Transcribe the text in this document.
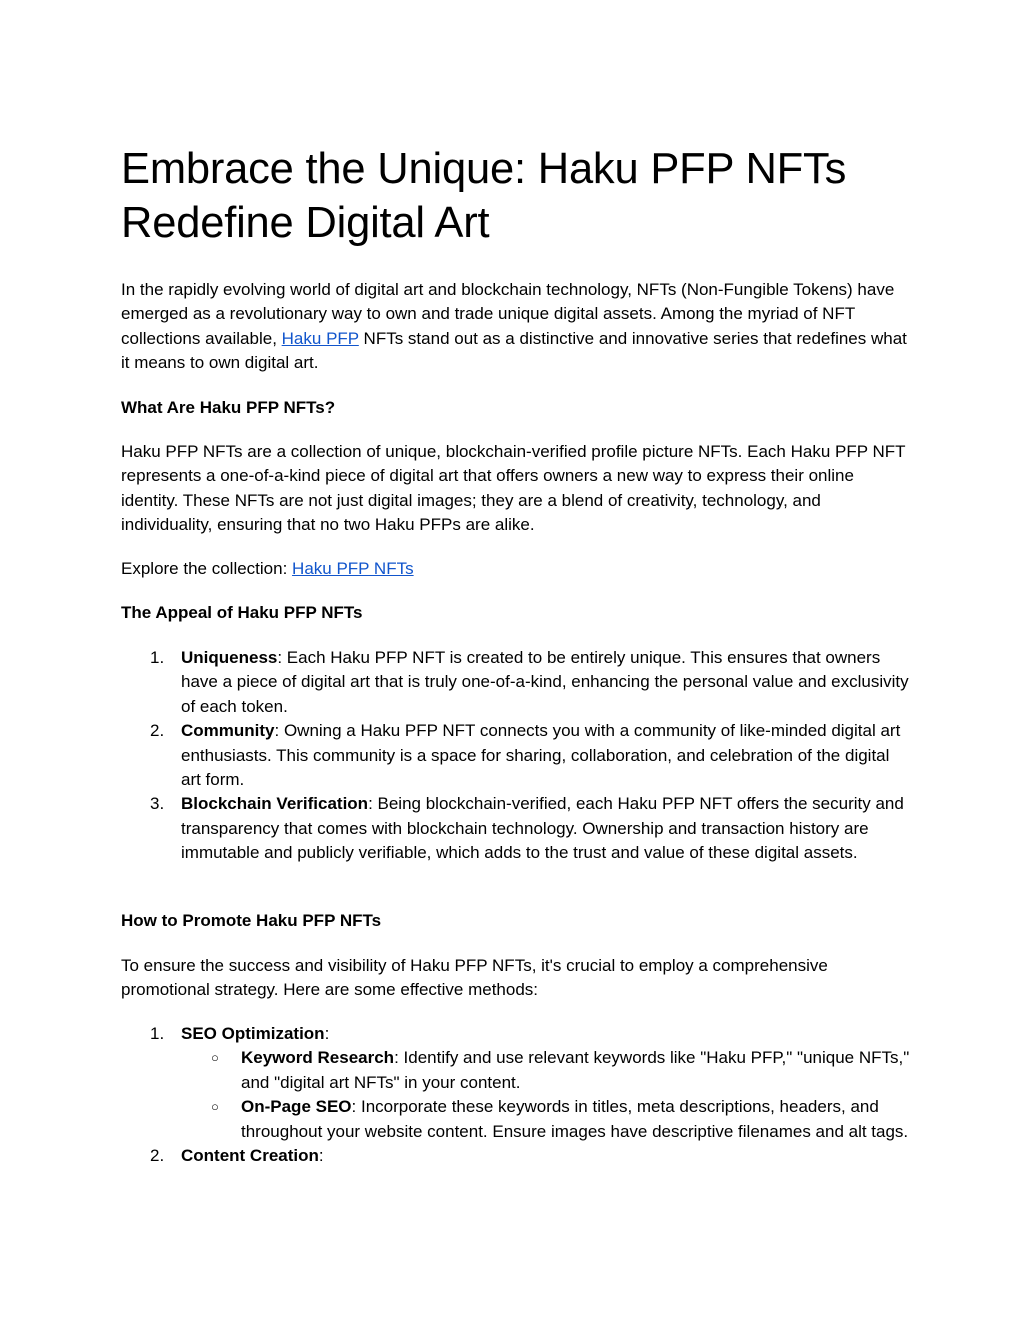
Embrace the Unique: Haku PFP NFTs Redefine Digital Art

In the rapidly evolving world of digital art and blockchain technology, NFTs (Non-Fungible Tokens) have emerged as a revolutionary way to own and trade unique digital assets. Among the myriad of NFT collections available, Haku PFP NFTs stand out as a distinctive and innovative series that redefines what it means to own digital art.

What Are Haku PFP NFTs?

Haku PFP NFTs are a collection of unique, blockchain-verified profile picture NFTs. Each Haku PFP NFT represents a one-of-a-kind piece of digital art that offers owners a new way to express their online identity. These NFTs are not just digital images; they are a blend of creativity, technology, and individuality, ensuring that no two Haku PFPs are alike.

Explore the collection: Haku PFP NFTs

The Appeal of Haku PFP NFTs

1. Uniqueness: Each Haku PFP NFT is created to be entirely unique. This ensures that owners have a piece of digital art that is truly one-of-a-kind, enhancing the personal value and exclusivity of each token.
2. Community: Owning a Haku PFP NFT connects you with a community of like-minded digital art enthusiasts. This community is a space for sharing, collaboration, and celebration of the digital art form.
3. Blockchain Verification: Being blockchain-verified, each Haku PFP NFT offers the security and transparency that comes with blockchain technology. Ownership and transaction history are immutable and publicly verifiable, which adds to the trust and value of these digital assets.

How to Promote Haku PFP NFTs

To ensure the success and visibility of Haku PFP NFTs, it's crucial to employ a comprehensive promotional strategy. Here are some effective methods:

1. SEO Optimization:
○ Keyword Research: Identify and use relevant keywords like "Haku PFP," "unique NFTs," and "digital art NFTs" in your content.
○ On-Page SEO: Incorporate these keywords in titles, meta descriptions, headers, and throughout your website content. Ensure images have descriptive filenames and alt tags.
2. Content Creation:
